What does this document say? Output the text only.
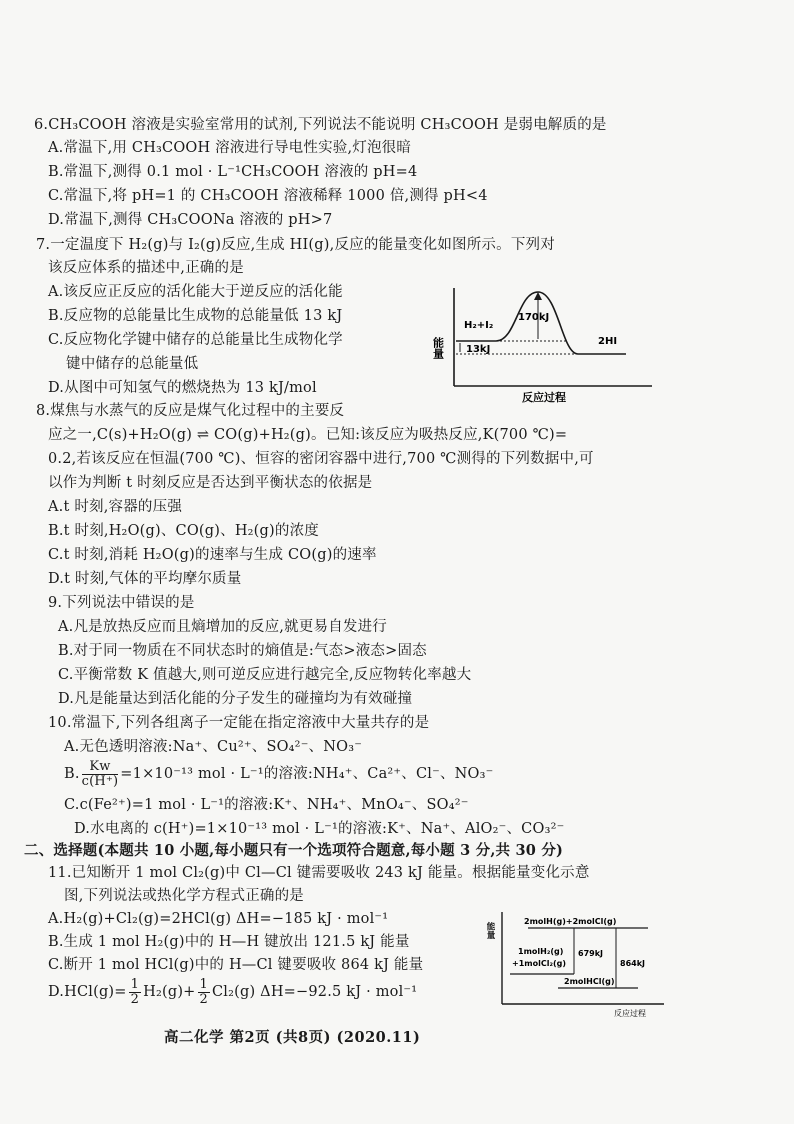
6.CH₃COOH 溶液是实验室常用的试剂,下列说法不能说明 CH₃COOH 是弱电解质的是
A.常温下,用 CH₃COOH 溶液进行导电性实验,灯泡很暗
B.常温下,测得 0.1 mol · L⁻¹CH₃COOH 溶液的 pH=4
C.常温下,将 pH=1 的 CH₃COOH 溶液稀释 1000 倍,测得 pH<4
D.常温下,测得 CH₃COONa 溶液的 pH>7
7.一定温度下 H₂(g)与 I₂(g)反应,生成 HI(g),反应的能量变化如图所示。下列对
该反应体系的描述中,正确的是
A.该反应正反应的活化能大于逆反应的活化能
B.反应物的总能量比生成物的总能量低 13 kJ
C.反应物化学键中储存的总能量比生成物化学
键中储存的总能量低
D.从图中可知氢气的燃烧热为 13 kJ/mol
能量
反应过程
H₂+I₂
170kJ
13kJ
2HI
8.煤焦与水蒸气的反应是煤气化过程中的主要反
应之一,C(s)+H₂O(g) ⇌ CO(g)+H₂(g)。已知:该反应为吸热反应,K(700 ℃)=
0.2,若该反应在恒温(700 ℃)、恒容的密闭容器中进行,700 ℃测得的下列数据中,可
以作为判断 t 时刻反应是否达到平衡状态的依据是
A.t 时刻,容器的压强
B.t 时刻,H₂O(g)、CO(g)、H₂(g)的浓度
C.t 时刻,消耗 H₂O(g)的速率与生成 CO(g)的速率
D.t 时刻,气体的平均摩尔质量
9.下列说法中错误的是
A.凡是放热反应而且熵增加的反应,就更易自发进行
B.对于同一物质在不同状态时的熵值是:气态>液态>固态
C.平衡常数 K 值越大,则可逆反应进行越完全,反应物转化率越大
D.凡是能量达到活化能的分子发生的碰撞均为有效碰撞
10.常温下,下列各组离子一定能在指定溶液中大量共存的是
A.无色透明溶液:Na⁺、Cu²⁺、SO₄²⁻、NO₃⁻
B. $\frac{Kw}{c(H^+)} =1\times 10^{-13}$ mol · L⁻¹的溶液:NH₄⁺、Ca²⁺、Cl⁻、NO₃⁻
C.c(Fe²⁺)=1 mol · L⁻¹的溶液:K⁺、NH₄⁺、MnO₄⁻、SO₄²⁻
D.水电离的 c(H⁺)=1×10⁻¹³ mol · L⁻¹的溶液:K⁺、Na⁺、AlO₂⁻、CO₃²⁻
二、选择题(本题共 10 小题,每小题只有一个选项符合题意,每小题 3 分,共 30 分)
11.已知断开 1 mol Cl₂(g)中 Cl—Cl 键需要吸收 243 kJ 能量。根据能量变化示意
图,下列说法或热化学方程式正确的是
A.H₂(g)+Cl₂(g)=2HCl(g) ΔH=−185 kJ · mol⁻¹
B.生成 1 mol H₂(g)中的 H—H 键放出 121.5 kJ 能量
C.断开 1 mol HCl(g)中的 H—Cl 键要吸收 864 kJ 能量
$D.HCl(g)= \frac{1}{2} H_2(g)+ \frac{1}{2} Cl_2(g)$ ΔH=−92.5 kJ · mol⁻¹
能量
反应过程
2molH(g)+2molCl(g)
1molH₂(g)
+1molCl₂(g)
679kJ
864kJ
2molHCl(g)
高二化学 第2页 (共8页) (2020.11)
